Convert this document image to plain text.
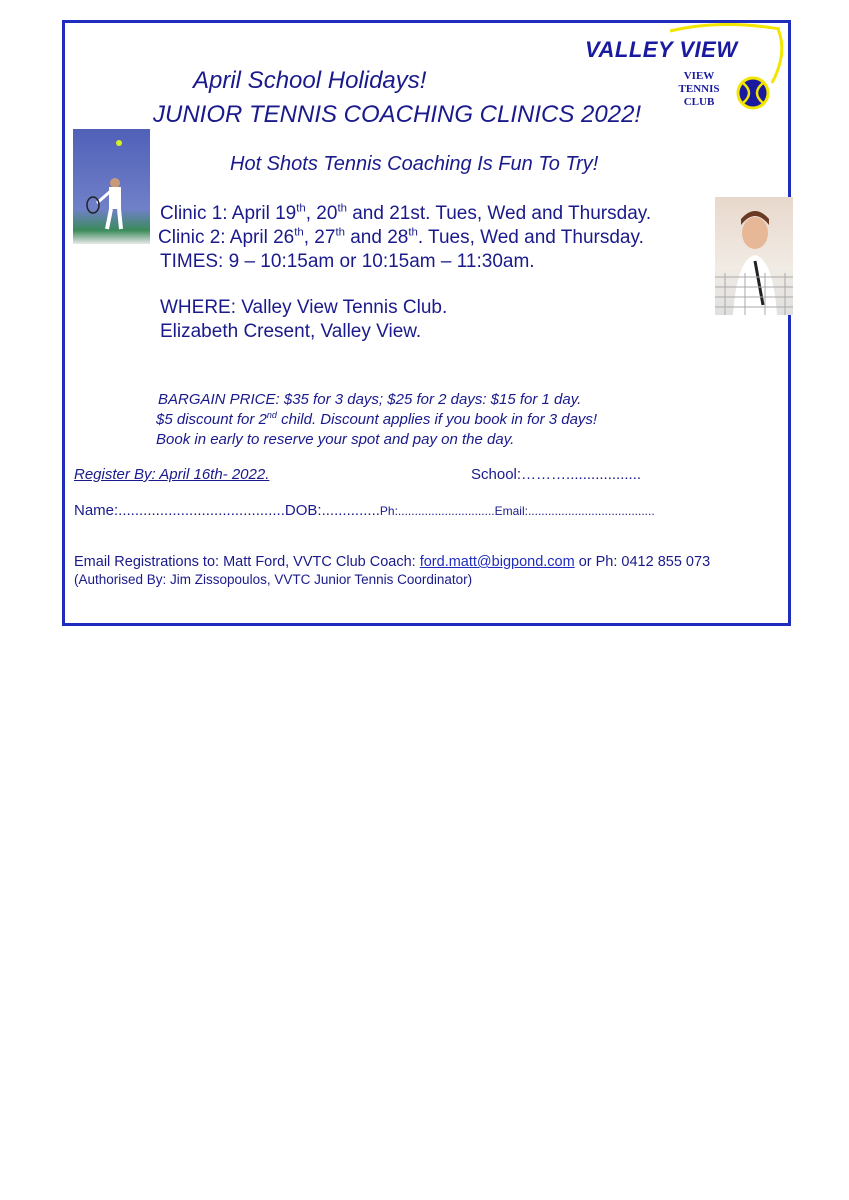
VALLEY VIEW
VIEW
TENNIS
CLUB
April School Holidays!
JUNIOR TENNIS COACHING CLINICS 2022!
Hot Shots Tennis Coaching Is Fun To Try!
Clinic 1: April 19th, 20th and 21st. Tues, Wed and Thursday.
Clinic 2: April 26th, 27th and 28th. Tues, Wed and Thursday.
TIMES: 9 – 10:15am or 10:15am – 11:30am.
WHERE: Valley View Tennis Club.
Elizabeth Cresent, Valley View.
BARGAIN PRICE: $35 for 3 days; $25 for 2 days: $15 for 1 day.
$5 discount for 2nd child. Discount applies if you book in for 3 days!
Book in early to reserve your spot and pay on the day.
Register By: April 16th- 2022.	School:………..................
Name:........................................DOB:..............Ph:.............................Email:......................................
Email Registrations to: Matt Ford, VVTC Club Coach: ford.matt@bigpond.com or Ph: 0412 855 073
(Authorised By: Jim Zissopoulos, VVTC Junior Tennis Coordinator)
